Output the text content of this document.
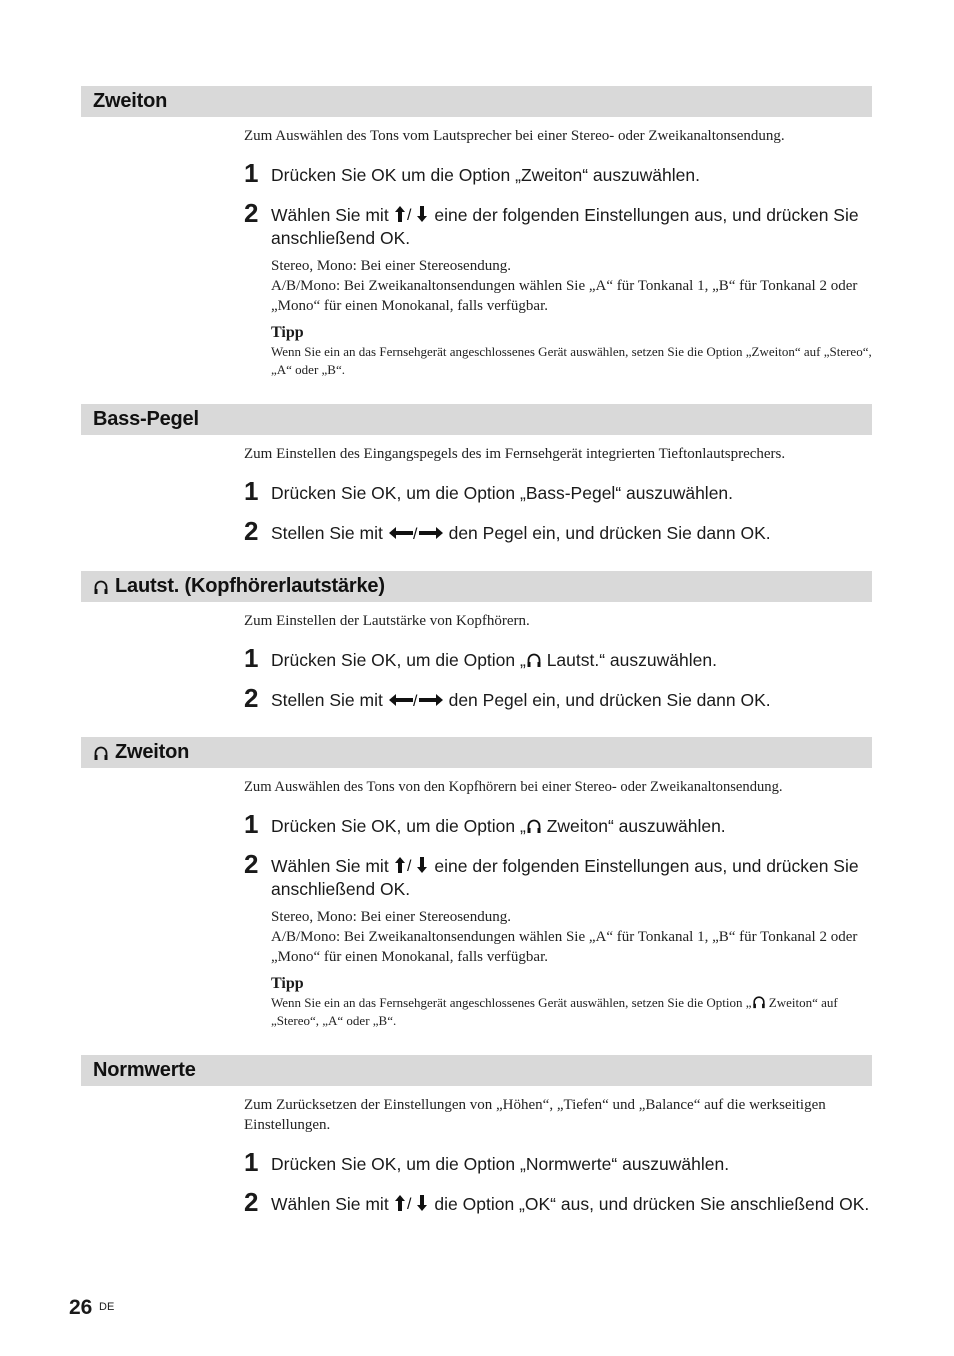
Zweiton
Zum Auswählen des Tons vom Lautsprecher bei einer Stereo- oder Zweikanaltonsendung.
1 Drücken Sie OK um die Option „Zweiton“ auszuwählen.
2 Wählen Sie mit / eine der folgenden Einstellungen aus, und drücken Sie anschließend OK.
Stereo, Mono: Bei einer Stereosendung.
A/B/Mono: Bei Zweikanaltonsendungen wählen Sie „A“ für Tonkanal 1, „B“ für Tonkanal 2 oder „Mono“ für einen Monokanal, falls verfügbar.
Tipp
Wenn Sie ein an das Fernsehgerät angeschlossenes Gerät auswählen, setzen Sie die Option „Zweiton“ auf „Stereo“, „A“ oder „B“.
Bass-Pegel
Zum Einstellen des Eingangspegels des im Fernsehgerät integrierten Tieftonlautsprechers.
1 Drücken Sie OK, um die Option „Bass-Pegel“ auszuwählen.
2 Stellen Sie mit / den Pegel ein, und drücken Sie dann OK.
Lautst. (Kopfhörerlautstärke)
Zum Einstellen der Lautstärke von Kopfhörern.
1 Drücken Sie OK, um die Option „ Lautst.“ auszuwählen.
2 Stellen Sie mit / den Pegel ein, und drücken Sie dann OK.
Zweiton
Zum Auswählen des Tons von den Kopfhörern bei einer Stereo- oder Zweikanaltonsendung.
1 Drücken Sie OK, um die Option „ Zweiton“ auszuwählen.
2 Wählen Sie mit / eine der folgenden Einstellungen aus, und drücken Sie anschließend OK.
Stereo, Mono: Bei einer Stereosendung.
A/B/Mono: Bei Zweikanaltonsendungen wählen Sie „A“ für Tonkanal 1, „B“ für Tonkanal 2 oder „Mono“ für einen Monokanal, falls verfügbar.
Tipp
Wenn Sie ein an das Fernsehgerät angeschlossenes Gerät auswählen, setzen Sie die Option „ Zweiton“ auf „Stereo“, „A“ oder „B“.
Normwerte
Zum Zurücksetzen der Einstellungen von „Höhen“, „Tiefen“ und „Balance“ auf die werkseitigen Einstellungen.
1 Drücken Sie OK, um die Option „Normwerte“ auszuwählen.
2 Wählen Sie mit / die Option „OK“ aus, und drücken Sie anschließend OK.
26 DE
